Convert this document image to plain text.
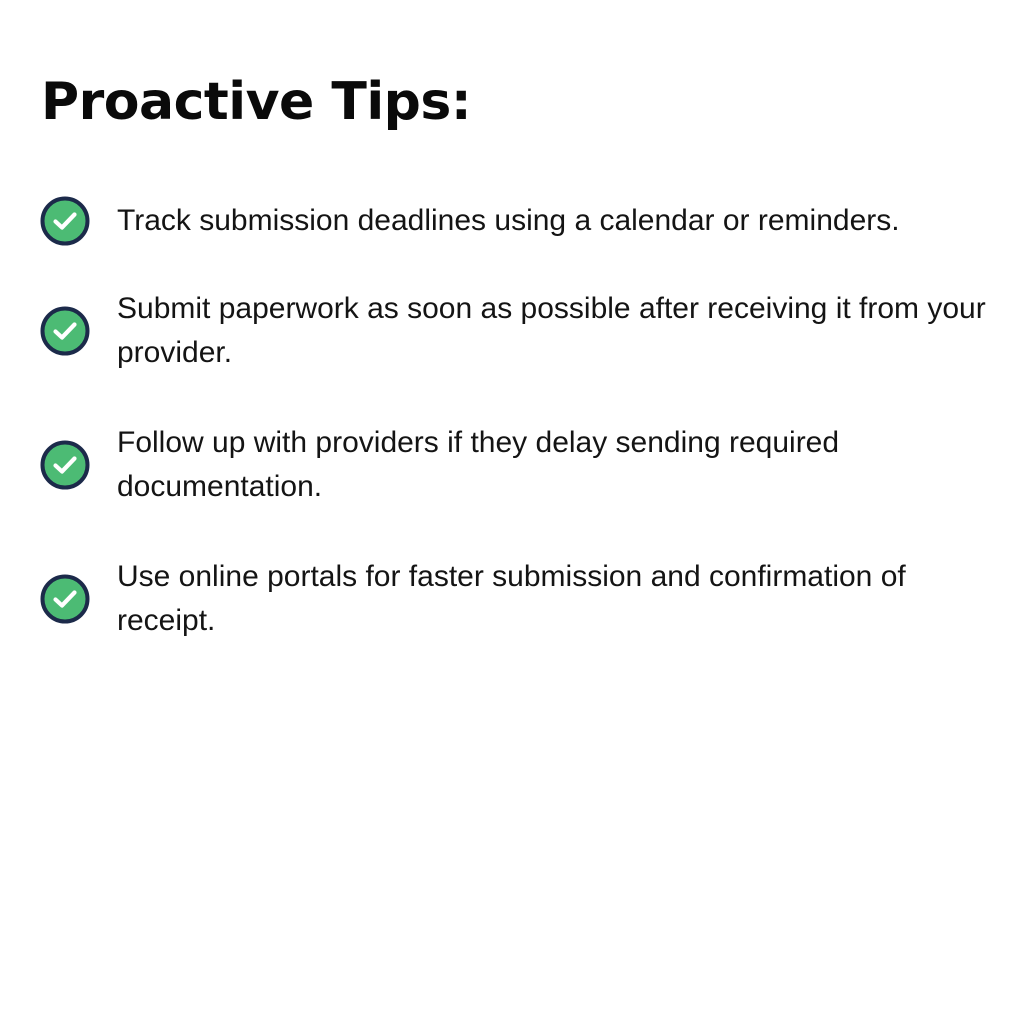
Proactive Tips:
Track submission deadlines using a calendar or reminders.
Submit paperwork as soon as possible after receiving it from your provider.
Follow up with providers if they delay sending required documentation.
Use online portals for faster submission and confirmation of receipt.
